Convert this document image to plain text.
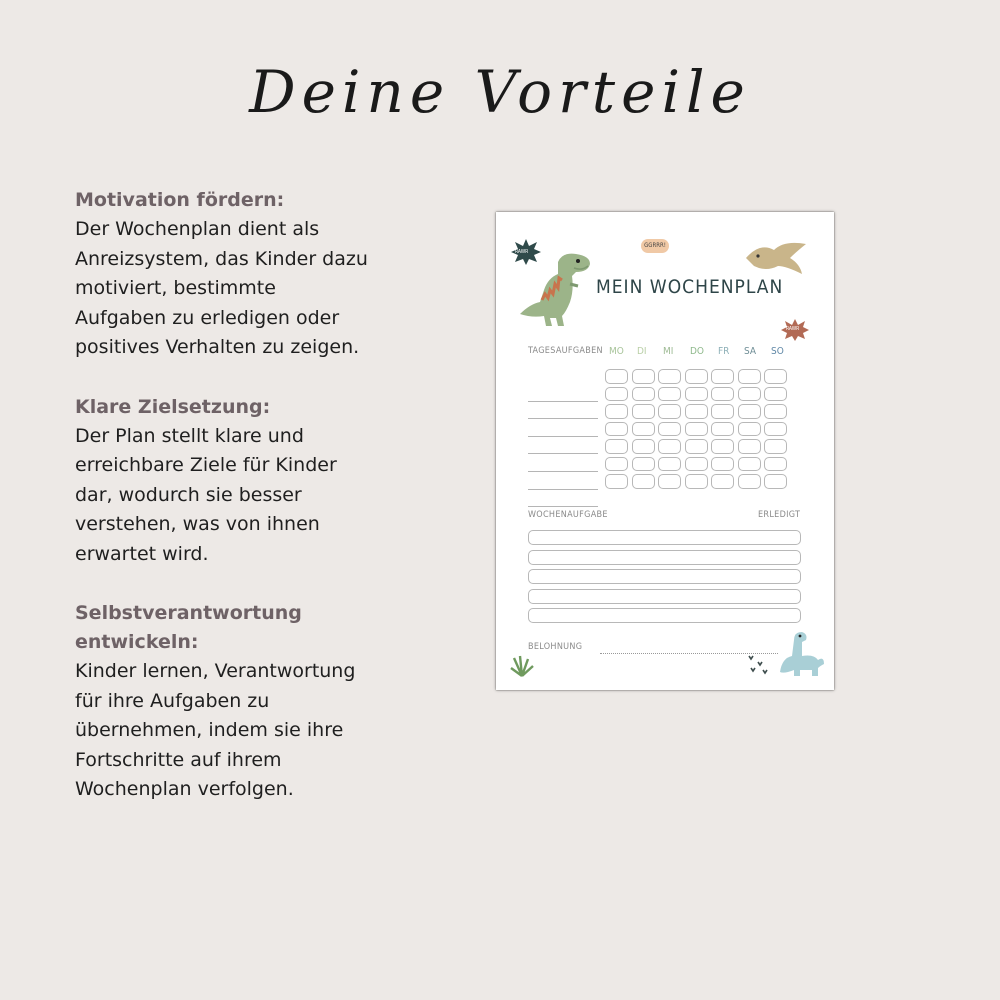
Deine Vorteile
Motivation fördern:

Der Wochenplan dient als

Anreizsystem, das Kinder dazu

motiviert, bestimmte

Aufgaben zu erledigen oder

positives Verhalten zu zeigen.

Klare Zielsetzung:

Der Plan stellt klare und

erreichbare Ziele für Kinder

dar, wodurch sie besser

verstehen, was von ihnen

erwartet wird.

Selbstverantwortung
entwickeln:

Kinder lernen, Verantwortung

für ihre Aufgaben zu

übernehmen, indem sie ihre

Fortschritte auf ihrem

Wochenplan verfolgen.

RAWR
GGRRR!
MEIN WOCHENPLAN
RAWR
TAGESAUFGABEN MO DI MI DO FR SA SO
WOCHENAUFGABE	ERLEDIGT
BELOHNUNG
